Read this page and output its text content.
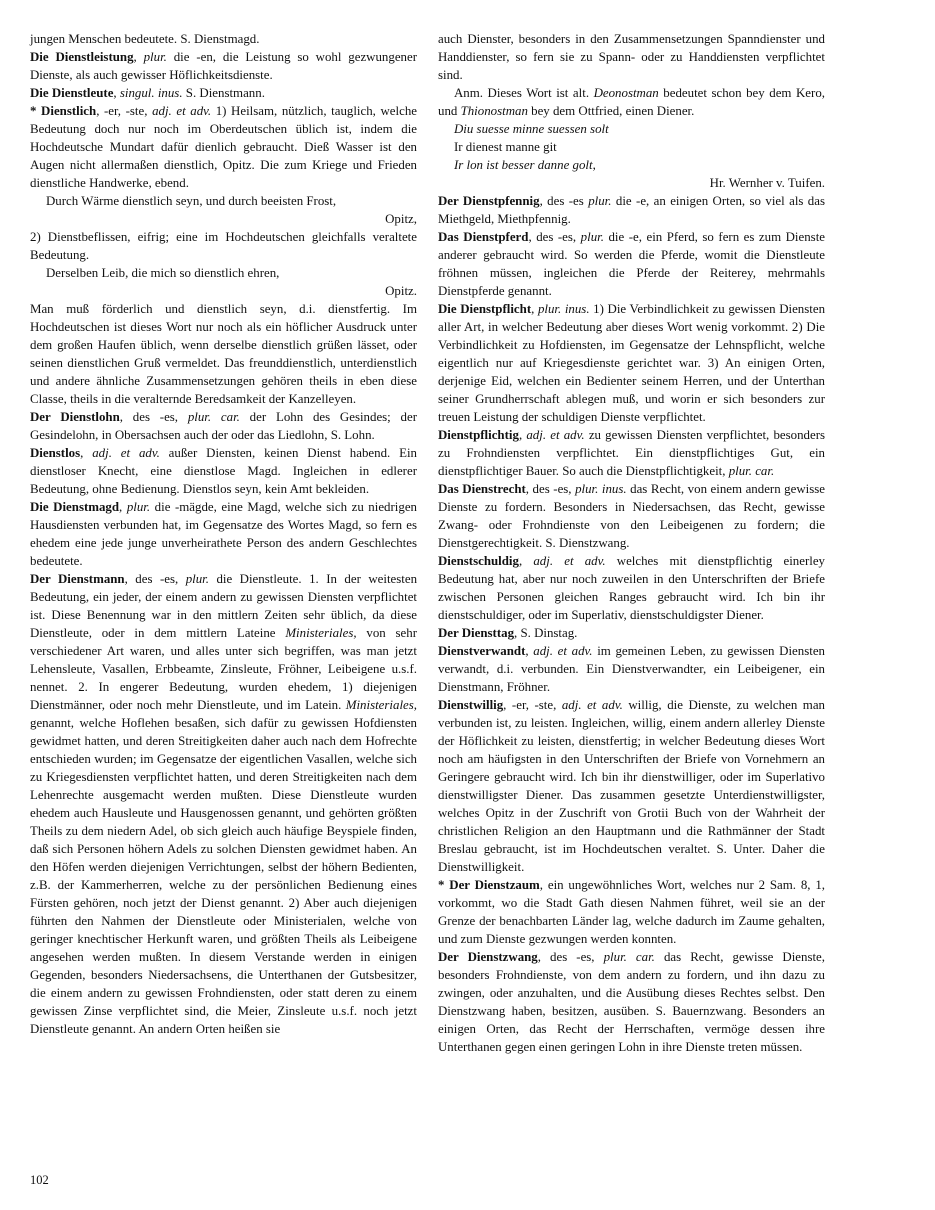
jungen Menschen bedeutete. S. Dienstmagd.

Die Dienstleistung, plur. die -en, die Leistung so wohl gezwungener Dienste, als auch gewisser Höflichkeitsdienste.

Die Dienstleute, singul. inus. S. Dienstmann.

* Dienstlich, -er, -ste, adj. et adv. 1) Heilsam, nützlich, tauglich, welche Bedeutung doch nur noch im Oberdeutschen üblich ist, indem die Hochdeutsche Mundart dafür dienlich gebraucht. Dieß Wasser ist den Augen nicht allermaßen dienstlich, Opitz. Die zum Kriege und Frieden dienstliche Handwerke, ebend.

Durch Wärme dienstlich seyn, und durch beeisten Frost,

Opitz,

2) Dienstbeflissen, eifrig; eine im Hochdeutschen gleichfalls veraltete Bedeutung.

Derselben Leib, die mich so dienstlich ehren,

Opitz.

Man muß förderlich und dienstlich seyn, d.i. dienstfertig. Im Hochdeutschen ist dieses Wort nur noch als ein höflicher Ausdruck unter dem großen Haufen üblich, wenn derselbe dienstlich grüßen lässet, oder seinen dienstlichen Gruß vermeldet. Das freunddienstlich, unterdienstlich und andere ähnliche Zusammensetzungen gehören theils in eben diese Classe, theils in die veralternde Beredsamkeit der Kanzelleyen.

Der Dienstlohn, des -es, plur. car. der Lohn des Gesindes; der Gesindelohn, in Obersachsen auch der oder das Liedlohn, S. Lohn.

Dienstlos, adj. et adv. außer Diensten, keinen Dienst habend. Ein dienstloser Knecht, eine dienstlose Magd. Ingleichen in edlerer Bedeutung, ohne Bedienung. Dienstlos seyn, kein Amt bekleiden.

Die Dienstmagd, plur. die -mägde, eine Magd, welche sich zu niedrigen Hausdiensten verbunden hat, im Gegensatze des Wortes Magd, so fern es ehedem eine jede junge unverheirathete Person des andern Geschlechtes bedeutete.

Der Dienstmann, des -es, plur. die Dienstleute. 1. In der weitesten Bedeutung, ein jeder, der einem andern zu gewissen Diensten verpflichtet ist. Diese Benennung war in den mittlern Zeiten sehr üblich, da diese Dienstleute, oder in dem mittlern Lateine Ministeriales, von sehr verschiedener Art waren, und alles unter sich begriffen, was man jetzt Lehensleute, Vasallen, Erbbeamte, Zinsleute, Fröhner, Leibeigene u.s.f. nennet. 2. In engerer Bedeutung, wurden ehedem, 1) diejenigen Dienstmänner, oder noch mehr Dienstleute, und im Latein. Ministeriales, genannt, welche Hoflehen besaßen, sich dafür zu gewissen Hofdiensten gewidmet hatten, und deren Streitigkeiten daher auch nach dem Hofrechte entschieden wurden; im Gegensatze der eigentlichen Vasallen, welche sich zu Kriegesdiensten verpflichtet hatten, und deren Streitigkeiten nach dem Lehenrechte ausgemacht werden mußten. Diese Dienstleute wurden ehedem auch Hausleute und Hausgenossen genannt, und gehörten größten Theils zu dem niedern Adel, ob sich gleich auch häufige Beyspiele finden, daß sich Personen höhern Adels zu solchen Diensten gewidmet haben. An den Höfen werden diejenigen Verrichtungen, selbst der höhern Bedienten, z.B. der Kammerherren, welche zu der persönlichen Bedienung eines Fürsten gehören, noch jetzt der Dienst genannt. 2) Aber auch diejenigen führten den Nahmen der Dienstleute oder Ministerialen, welche von geringer knechtischer Herkunft waren, und größten Theils als Leibeigene angesehen werden mußten. In diesem Verstande werden in einigen Gegenden, besonders Niedersachsens, die Unterthanen der Gutsbesitzer, die einem andern zu gewissen Frohndiensten, oder statt deren zu einem gewissen Zinse verpflichtet sind, die Meier, Zinsleute u.s.f. noch jetzt Dienstleute genannt. An andern Orten heißen sie

auch Dienster, besonders in den Zusammensetzungen Spanndienster und Handdienster, so fern sie zu Spann- oder zu Handdiensten verpflichtet sind.

Anm. Dieses Wort ist alt. Deonostman bedeutet schon bey dem Kero, und Thionostman bey dem Ottfried, einen Diener.

Diu suesse minne suessen solt

Ir dienest manne git

Ir lon ist besser danne golt,

Hr. Wernher v. Tuifen.

Der Dienstpfennig, des -es plur. die -e, an einigen Orten, so viel als das Miethgeld, Miethpfennig.

Das Dienstpferd, des -es, plur. die -e, ein Pferd, so fern es zum Dienste anderer gebraucht wird. So werden die Pferde, womit die Dienstleute fröhnen müssen, ingleichen die Pferde der Reiterey, mehrmahls Dienstpferde genannt.

Die Dienstpflicht, plur. inus. 1) Die Verbindlichkeit zu gewissen Diensten aller Art, in welcher Bedeutung aber dieses Wort wenig vorkommt. 2) Die Verbindlichkeit zu Hofdiensten, im Gegensatze der Lehnspflicht, welche eigentlich nur auf Kriegesdienste gerichtet war. 3) An einigen Orten, derjenige Eid, welchen ein Bedienter seinem Herren, und der Unterthan seiner Grundherrschaft ablegen muß, und worin er sich besonders zur treuen Leistung der schuldigen Dienste verpflichtet.

Dienstpflichtig, adj. et adv. zu gewissen Diensten verpflichtet, besonders zu Frohndiensten verpflichtet. Ein dienstpflichtiges Gut, ein dienstpflichtiger Bauer. So auch die Dienstpflichtigkeit, plur. car.

Das Dienstrecht, des -es, plur. inus. das Recht, von einem andern gewisse Dienste zu fordern. Besonders in Niedersachsen, das Recht, gewisse Zwang- oder Frohndienste von den Leibeigenen zu fordern; die Dienstgerechtigkeit. S. Dienstzwang.

Dienstschuldig, adj. et adv. welches mit dienstpflichtig einerley Bedeutung hat, aber nur noch zuweilen in den Unterschriften der Briefe zwischen Personen gleichen Ranges gebraucht wird. Ich bin ihr dienstschuldiger, oder im Superlativ, dienstschuldigster Diener.

Der Diensttag, S. Dinstag.

Dienstverwandt, adj. et adv. im gemeinen Leben, zu gewissen Diensten verwandt, d.i. verbunden. Ein Dienstverwandter, ein Leibeigener, ein Dienstmann, Fröhner.

Dienstwillig, -er, -ste, adj. et adv. willig, die Dienste, zu welchen man verbunden ist, zu leisten. Ingleichen, willig, einem andern allerley Dienste der Höflichkeit zu leisten, dienstfertig; in welcher Bedeutung dieses Wort noch am häufigsten in den Unterschriften der Briefe von Vornehmern an Geringere gebraucht wird. Ich bin ihr dienstwilliger, oder im Superlativo dienstwilligster Diener. Das zusammen gesetzte Unterdienstwilligster, welches Opitz in der Zuschrift von Grotii Buch von der Wahrheit der christlichen Religion an den Hauptmann und die Rathmänner der Stadt Breslau gebraucht, ist im Hochdeutschen veraltet. S. Unter. Daher die Dienstwilligkeit.

* Der Dienstzaum, ein ungewöhnliches Wort, welches nur 2 Sam. 8, 1, vorkommt, wo die Stadt Gath diesen Nahmen führet, weil sie an der Grenze der benachbarten Länder lag, welche dadurch im Zaume gehalten, und zum Dienste gezwungen werden konnten.

Der Dienstzwang, des -es, plur. car. das Recht, gewisse Dienste, besonders Frohndienste, von dem andern zu fordern, und ihn dazu zu zwingen, oder anzuhalten, und die Ausübung dieses Rechtes selbst. Den Dienstzwang haben, besitzen, ausüben. S. Bauernzwang. Besonders an einigen Orten, das Recht der Herrschaften, vermöge dessen ihre Unterthanen gegen einen geringen Lohn in ihre Dienste treten müssen.

102
